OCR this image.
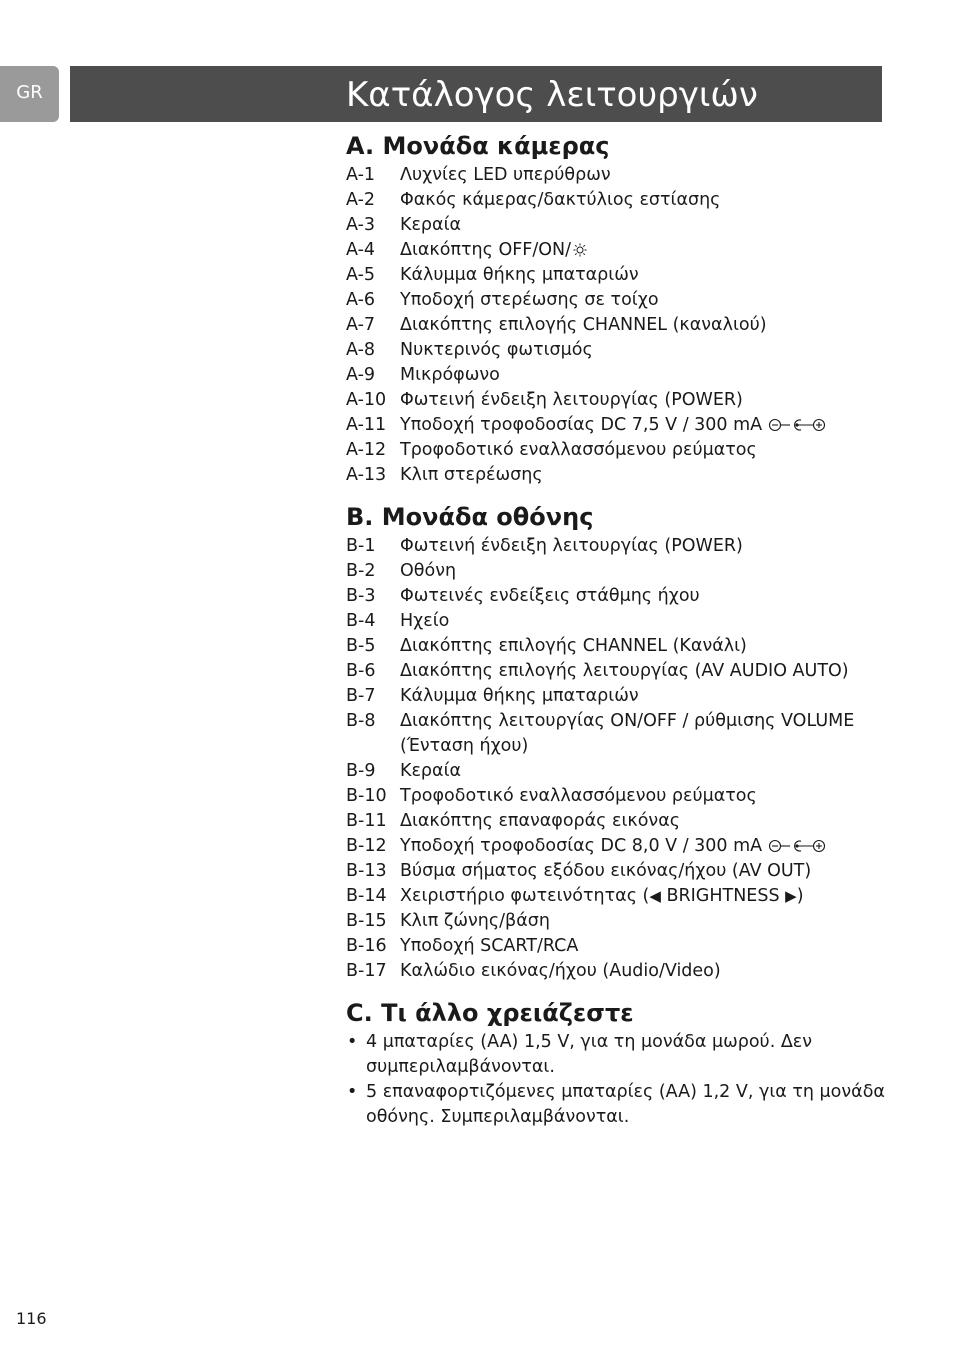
GR	Κατάλογος λειτουργιών
A. Μονάδα κάμερας
A-1	Λυχνίες LED υπερύθρων
A-2	Φακός κάμερας/δακτύλιος εστίασης
A-3	Κεραία
A-4	Διακόπτης OFF/ON/
A-5	Κάλυμμα θήκης μπαταριών
A-6	Υποδοχή στερέωσης σε τοίχο
A-7	Διακόπτης επιλογής CHANNEL (καναλιού)
A-8	Νυκτερινός φωτισμός
A-9	Μικρόφωνο
A-10 Φωτεινή ένδειξη λειτουργίας (POWER)
A-11 Υποδοχή τροφοδοσίας DC 7,5 V / 300 mA
A-12 Τροφοδοτικό εναλλασσόμενου ρεύματος
A-13 Κλιπ στερέωσης
B. Μονάδα οθόνης
B-1	Φωτεινή ένδειξη λειτουργίας (POWER)
B-2	Οθόνη
B-3	Φωτεινές ενδείξεις στάθμης ήχου
B-4	Ηχείο
B-5	Διακόπτης επιλογής CHANNEL (Κανάλι)
B-6	Διακόπτης επιλογής λειτουργίας (AV AUDIO AUTO)
B-7	Κάλυμμα θήκης μπαταριών
B-8	Διακόπτης λειτουργίας ON/OFF / ρύθμισης VOLUME (Ένταση ήχου)
B-9	Κεραία
B-10 Τροφοδοτικό εναλλασσόμενου ρεύματος
B-11 Διακόπτης επαναφοράς εικόνας
B-12 Υποδοχή τροφοδοσίας DC 8,0 V / 300 mA
B-13 Βύσμα σήματος εξόδου εικόνας/ήχου (AV OUT)
B-14 Χειριστήριο φωτεινότητας (◀ BRIGHTNESS ▶)
B-15 Κλιπ ζώνης/βάση
B-16 Υποδοχή SCART/RCA
B-17 Καλώδιο εικόνας/ήχου (Audio/Video)
C. Τι άλλο χρειάζεστε
• 4 μπαταρίες (AA) 1,5 V, για τη μονάδα μωρού. Δεν συμπεριλαμβάνονται.
• 5 επαναφορτιζόμενες μπαταρίες (AA) 1,2 V, για τη μονάδα οθόνης. Συμπεριλαμβάνονται.
116
